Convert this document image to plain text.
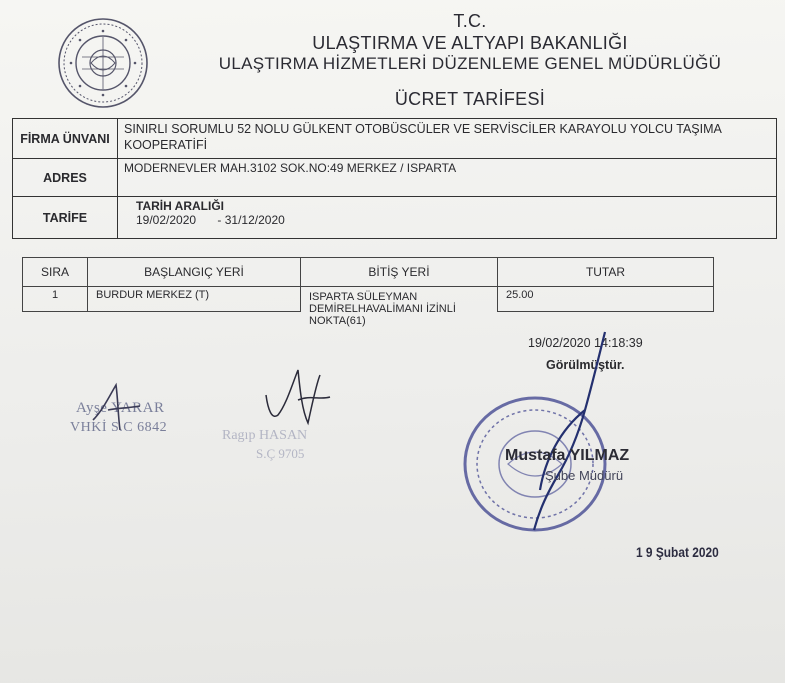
T.C.
ULAŞTIRMA VE ALTYAPI BAKANLIĞI
ULAŞTIRMA HİZMETLERİ DÜZENLEME GENEL MÜDÜRLÜĞÜ
ÜCRET TARİFESİ
FİRMA ÜNVANI	SINIRLI SORUMLU 52 NOLU GÜLKENT OTOBÜSCÜLER VE SERVİSCİLER KARAYOLU YOLCU TAŞIMA KOOPERATİFİ
ADRES	MODERNEVLER MAH.3102 SOK.NO:49 MERKEZ / ISPARTA
TARİFE	TARİH ARALIĞI
19/02/2020 - 31/12/2020
SIRA	BAŞLANGIÇ YERİ	BİTİŞ YERİ	TUTAR
1	BURDUR MERKEZ (T)	ISPARTA SÜLEYMAN DEMİRELHAVALİMANI İZİNLİ NOKTA(61)	25.00
19/02/2020 14:18:39
Görülmüştür.
Ayşe YARAR
VHKİ S.C 6842
Ragıp HASAN
S.Ç 9705	Mustafa YILMAZ
Şube Müdürü
1 9 Şubat 2020
